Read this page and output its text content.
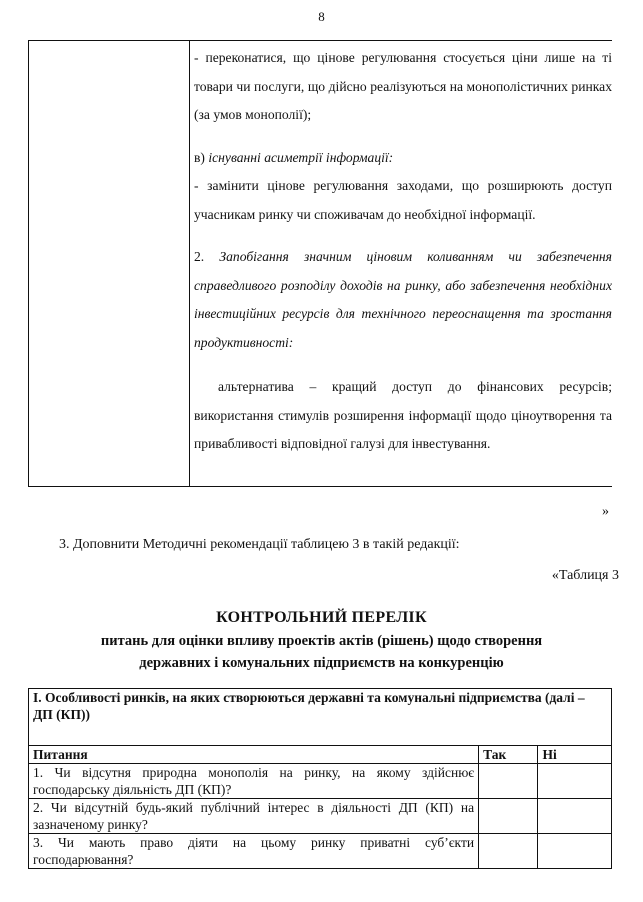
8

- переконатися, що цінове регулювання стосується ціни лише на ті товари чи послуги, що дійсно реалізуються на монополістичних ринках (за умов монополії);

в) існуванні асиметрії інформації:

- замінити цінове регулювання заходами, що розширюють доступ учасникам ринку чи споживачам до необхідної інформації.

2. Запобігання значним ціновим коливанням чи забезпечення справедливого розподілу доходів на ринку, або забезпечення необхідних інвестиційних ресурсів для технічного переоснащення та зростання продуктивності:

альтернатива – кращий доступ до фінансових ресурсів; використання стимулів розширення інформації щодо ціноутворення та привабливості відповідної галузі для інвестування.

»
3. Доповнити Методичні рекомендації таблицею 3 в такій редакції:
«Таблиця 3
КОНТРОЛЬНИЙ ПЕРЕЛІК
питань для оцінки впливу проектів актів (рішень) щодо створення
державних і комунальних підприємств на конкуренцію
І. Особливості ринків, на яких створюються державні та комунальні підприємства (далі – ДП (КП))		
Питання	Так	Ні
1. Чи відсутня природна монополія на ринку, на якому здійснює господарську діяльність ДП (КП)?		
2. Чи відсутній будь-який публічний інтерес в діяльності ДП (КП) на зазначеному ринку?		
3. Чи мають право діяти на цьому ринку приватні суб’єкти господарювання?		
